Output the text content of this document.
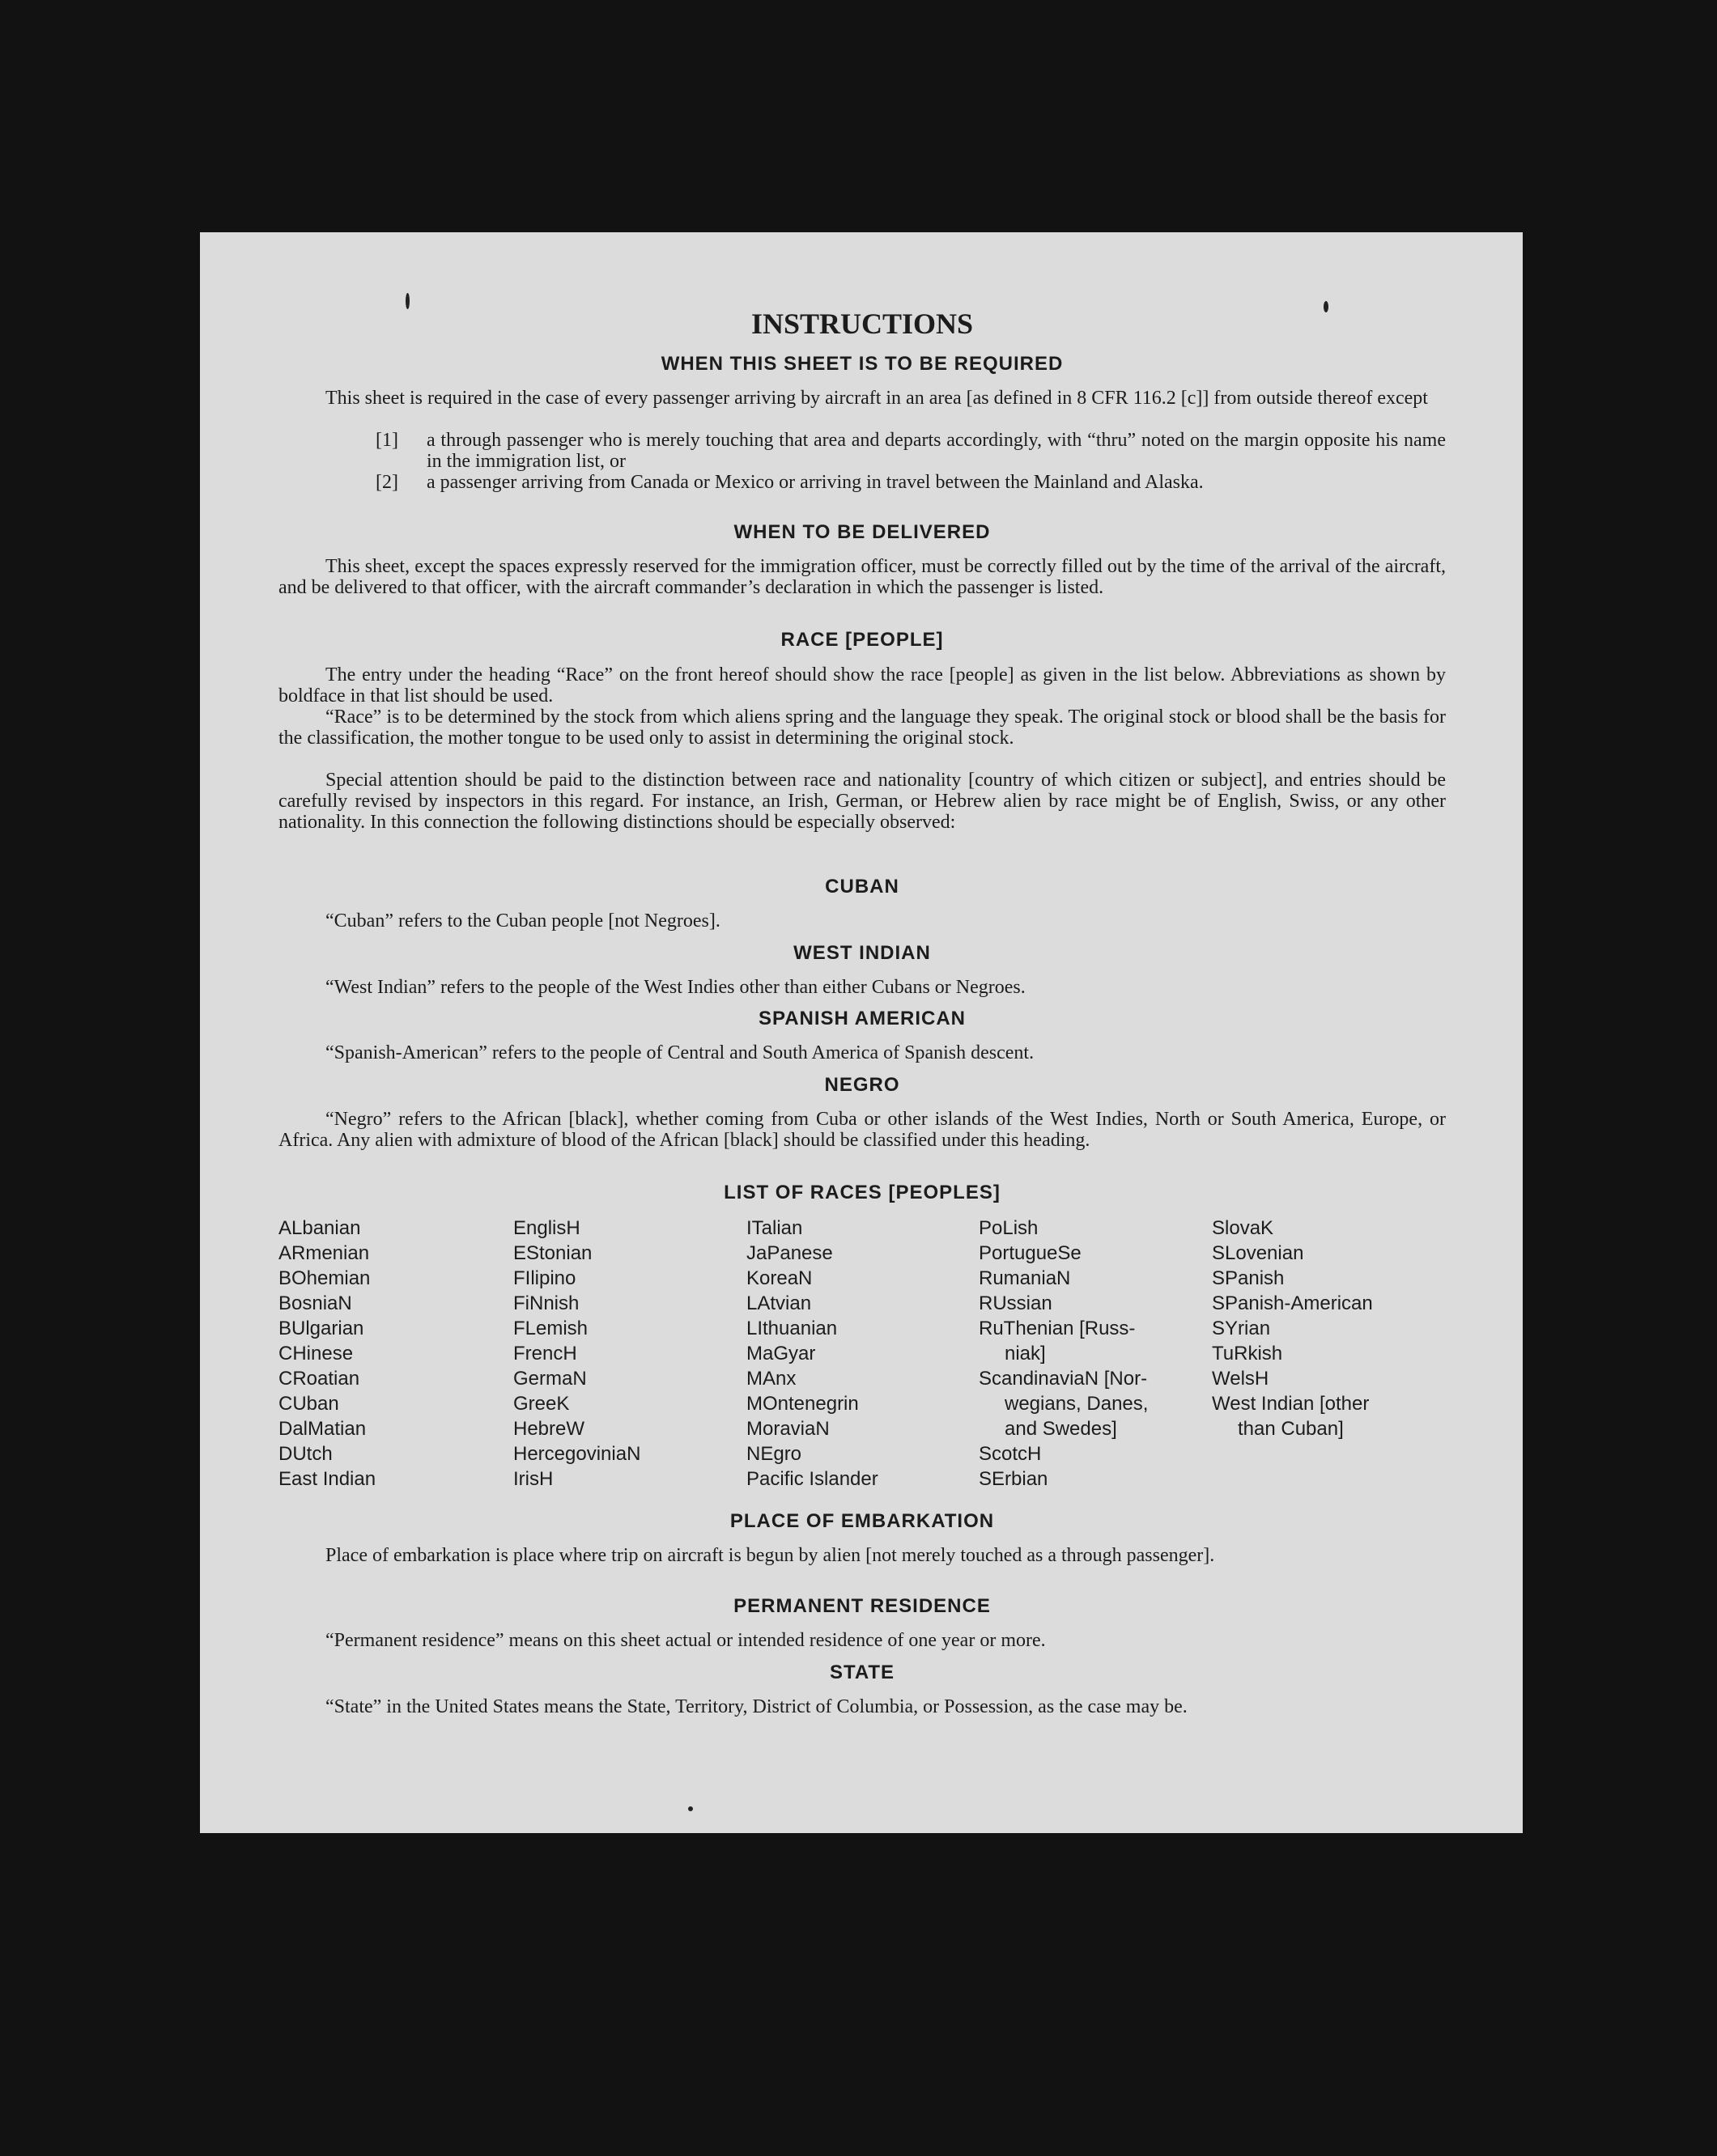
INSTRUCTIONS
WHEN THIS SHEET IS TO BE REQUIRED
This sheet is required in the case of every passenger arriving by aircraft in an area [as defined in 8 CFR 116.2 [c]] from outside thereof except
[1] a through passenger who is merely touching that area and departs accordingly, with “thru” noted on the margin opposite his name in the immigration list, or
[2] a passenger arriving from Canada or Mexico or arriving in travel between the Mainland and Alaska.
WHEN TO BE DELIVERED
This sheet, except the spaces expressly reserved for the immigration officer, must be correctly filled out by the time of the arrival of the aircraft, and be delivered to that officer, with the aircraft commander’s declaration in which the passenger is listed.
RACE [PEOPLE]
The entry under the heading “Race” on the front hereof should show the race [people] as given in the list below. Abbreviations as shown by boldface in that list should be used.
“Race” is to be determined by the stock from which aliens spring and the language they speak. The original stock or blood shall be the basis for the classification, the mother tongue to be used only to assist in determining the original stock.
Special attention should be paid to the distinction between race and nationality [country of which citizen or subject], and entries should be carefully revised by inspectors in this regard. For instance, an Irish, German, or Hebrew alien by race might be of English, Swiss, or any other nationality. In this connection the following distinctions should be especially observed:
CUBAN
“Cuban” refers to the Cuban people [not Negroes].
WEST INDIAN
“West Indian” refers to the people of the West Indies other than either Cubans or Negroes.
SPANISH AMERICAN
“Spanish-American” refers to the people of Central and South America of Spanish descent.
NEGRO
“Negro” refers to the African [black], whether coming from Cuba or other islands of the West Indies, North or South America, Europe, or Africa. Any alien with admixture of blood of the African [black] should be classified under this heading.
LIST OF RACES [PEOPLES]
ALbanian
ARmenian
BOhemian
BosniaN
BUlgarian
CHinese
CRoatian
CUban
DalMatian
DUtch
East Indian
EnglisH
EStonian
FIlipino
FiNnish
FLemish
FrencH
GermaN
GreeK
HebreW
HercegoviniaN
IrisH
ITalian
JaPanese
KoreaN
LAtvian
LIthuanian
MaGyar
MAnx
MOntenegrin
MoraviaN
NEgro
Pacific Islander
PoLish
PortugueSe
RumaniaN
RUssian
RuThenian [Russ-
niak]
ScandinaviaN [Nor-
wegians, Danes,
and Swedes]
ScotcH
SErbian
SlovaK
SLovenian
SPanish
SPanish-American
SYrian
TuRkish
WelsH
West Indian [other
than Cuban]
PLACE OF EMBARKATION
Place of embarkation is place where trip on aircraft is begun by alien [not merely touched as a through passenger].
PERMANENT RESIDENCE
“Permanent residence” means on this sheet actual or intended residence of one year or more.
STATE
“State” in the United States means the State, Territory, District of Columbia, or Possession, as the case may be.
